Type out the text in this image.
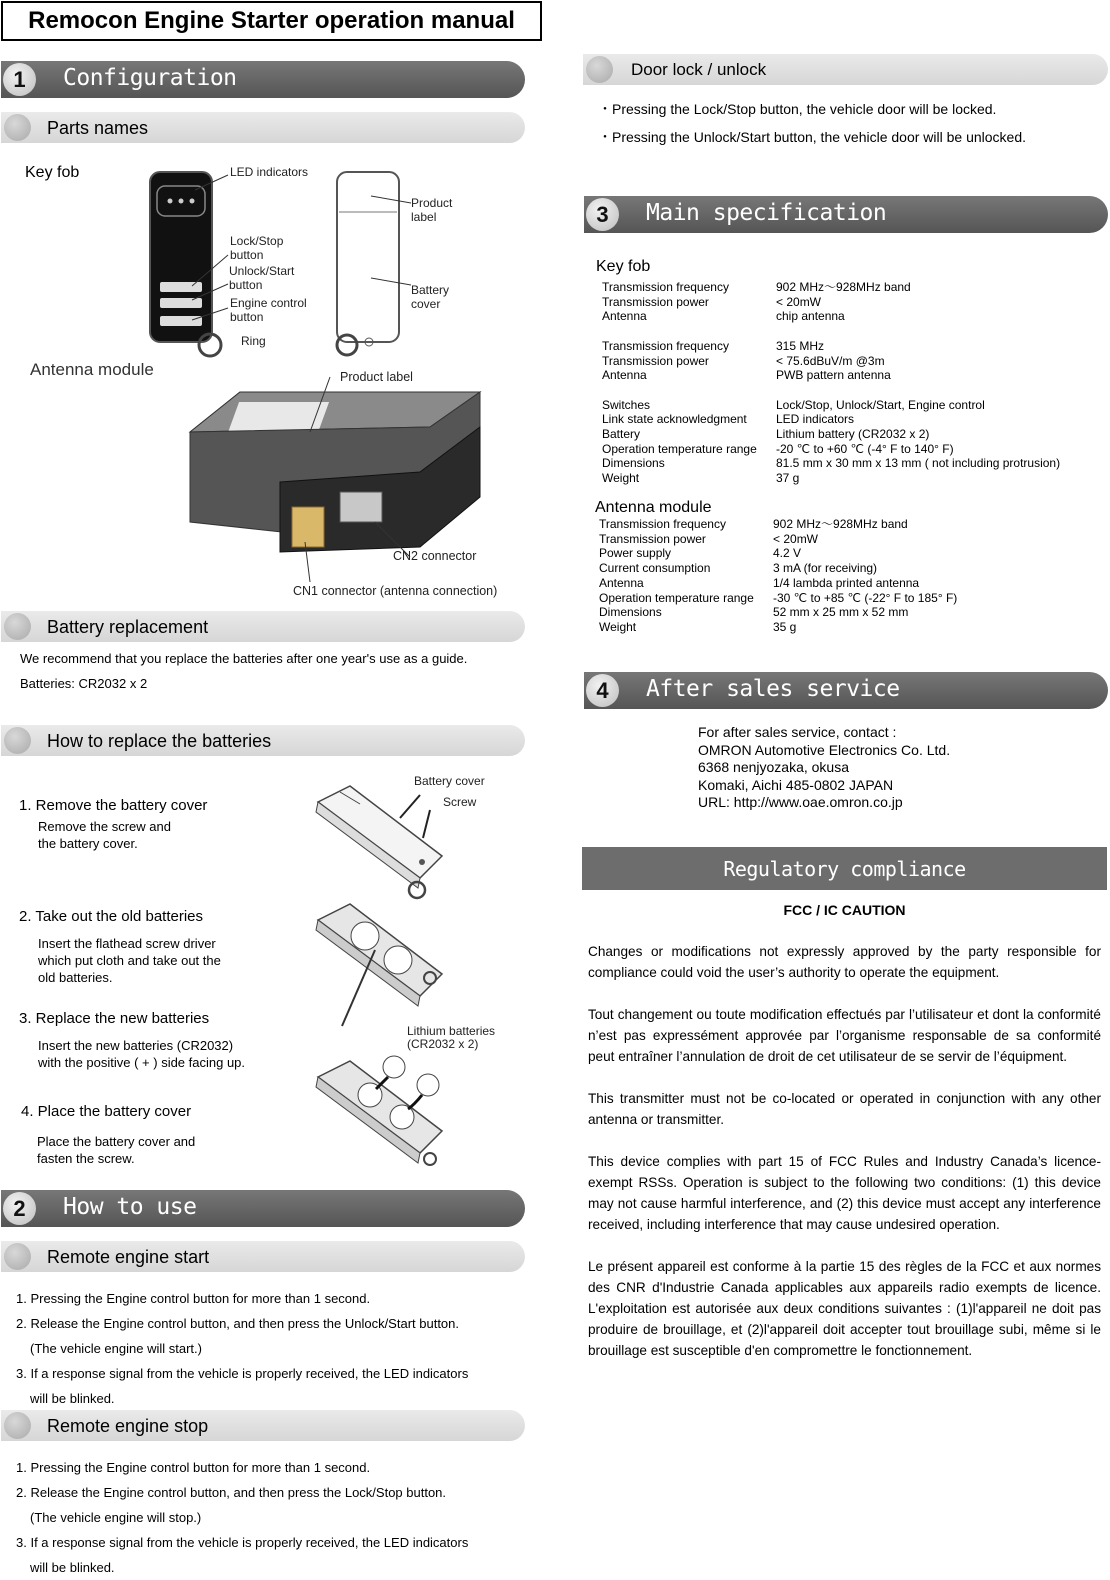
Remocon Engine Starter operation manual
1	Configuration
Parts names
Key fob	LED indicators
Lock/Stop
button
Unlock/Start
button
Engine control
button
Ring
Product
label
Battery
cover
Antenna module	Product label
CN2 connector
CN1 connector (antenna connection)
Battery replacement
We recommend that you replace the batteries after one year's use as a guide.
Batteries: CR2032 x 2
How to replace the batteries
Battery cover
Screw
1. Remove the battery cover
Remove the screw and
the battery cover.
2. Take out the old batteries
Insert the flathead screw driver
which put cloth and take out the
old batteries.
3. Replace the new batteries
Insert the new batteries (CR2032)
with the positive ( + ) side facing up.
Lithium batteries
(CR2032 x 2)
4. Place the battery cover
Place the battery cover and
fasten the screw.
2	How to use
Remote engine start
1. Pressing the Engine control button for more than 1 second.
2. Release the Engine control button, and then press the Unlock/Start button.
(The vehicle engine will start.)
3. If a response signal from the vehicle is properly received, the LED indicators
will be blinked.
Remote engine stop
1. Pressing the Engine control button for more than 1 second.
2. Release the Engine control button, and then press the Lock/Stop button.
(The vehicle engine will stop.)
3. If a response signal from the vehicle is properly received, the LED indicators
will be blinked.
Door lock / unlock
・Pressing the Lock/Stop button, the vehicle door will be locked.
・Pressing the Unlock/Start button, the vehicle door will be unlocked.
3	Main specification
Key fob
Transmission frequency	902 MHz～928MHz band
Transmission power	< 20mW
Antenna	chip antenna

Transmission frequency	315 MHz
Transmission power	< 75.6dBuV/m @3m
Antenna	PWB pattern antenna

Switches	Lock/Stop, Unlock/Start, Engine control
Link state acknowledgment	LED indicators
Battery	Lithium battery (CR2032 x 2)
Operation temperature range	-20 ℃ to +60 ℃ (-4° F to 140° F)
Dimensions	81.5 mm x 30 mm x 13 mm ( not including protrusion)
Weight	37 g
Antenna module
Transmission frequency	902 MHz～928MHz band
Transmission power	< 20mW
Power supply	4.2 V
Current consumption	3 mA (for receiving)
Antenna	1/4 lambda printed antenna
Operation temperature range	-30 ℃ to +85 ℃ (-22° F to 185° F)
Dimensions	52 mm x 25 mm x 52 mm
Weight	35 g
4	After sales service
For after sales service, contact :
OMRON Automotive Electronics Co. Ltd.
6368 nenjyozaka, okusa
Komaki, Aichi 485-0802 JAPAN
URL: http://www.oae.omron.co.jp
Regulatory compliance
FCC / IC CAUTION

Changes or modifications not expressly approved by the party responsible for compliance could void the user’s authority to operate the equipment.

Tout changement ou toute modification effectués par l’utilisateur et dont la conformité n’est pas expressément approvée par l’organisme responsable de sa conformité peut entraîner l’annulation de droit de cet utilisateur de se servir de l’équipment.

This transmitter must not be co-located or operated in conjunction with any other antenna or transmitter.

This device complies with part 15 of FCC Rules and Industry Canada’s licence-exempt RSSs. Operation is subject to the following two conditions: (1) this device may not cause harmful interference, and (2) this device must accept any interference received, including interference that may cause undesired operation.

Le présent appareil est conforme à la partie 15 des règles de la FCC et aux normes des CNR d'Industrie Canada applicables aux appareils radio exempts de licence. L'exploitation est autorisée aux deux conditions suivantes : (1)l'appareil ne doit pas produire de brouillage, et (2)l'appareil doit accepter tout brouillage subi, même si le brouillage est susceptible d'en compromettre le fonctionnement.
